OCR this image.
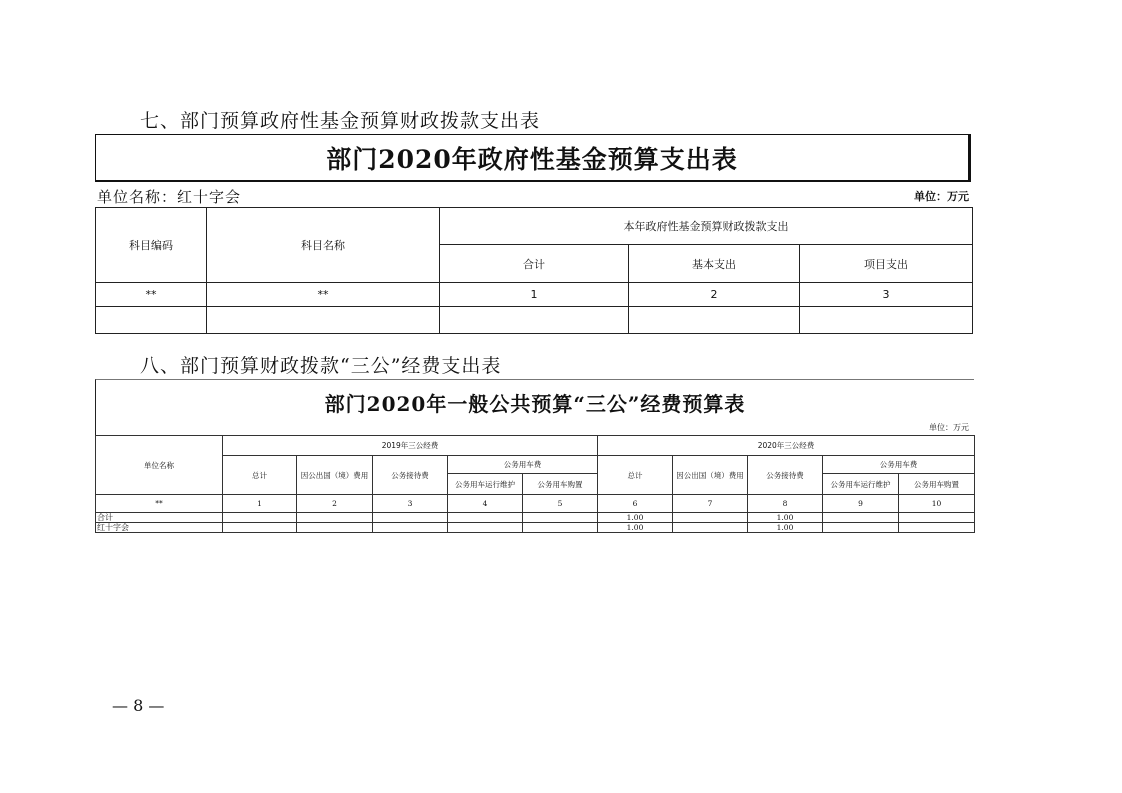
七、部门预算政府性基金预算财政拨款支出表
部门2020年政府性基金预算支出表
单位名称：红十字会	单位：万元
科目编码	科目名称	本年政府性基金预算财政拨款支出		
		合计	基本支出	项目支出
**	**	1	2	3

八、部门预算财政拨款“三公”经费支出表
部门2020年一般公共预算“三公”经费预算表
单位：万元
单位名称	2019年三公经费					2020年三公经费				
	总计	因公出国（境）费用	公务接待费	公务用车费		总计	因公出国（境）费用	公务接待费	公务用车费	
				公务用车运行维护	公务用车购置				公务用车运行维护	公务用车购置
**	1	2	3	4	5	6	7	8	9	10
合计						1.00		1.00		
红十字会						1.00		1.00		
— 8 —
